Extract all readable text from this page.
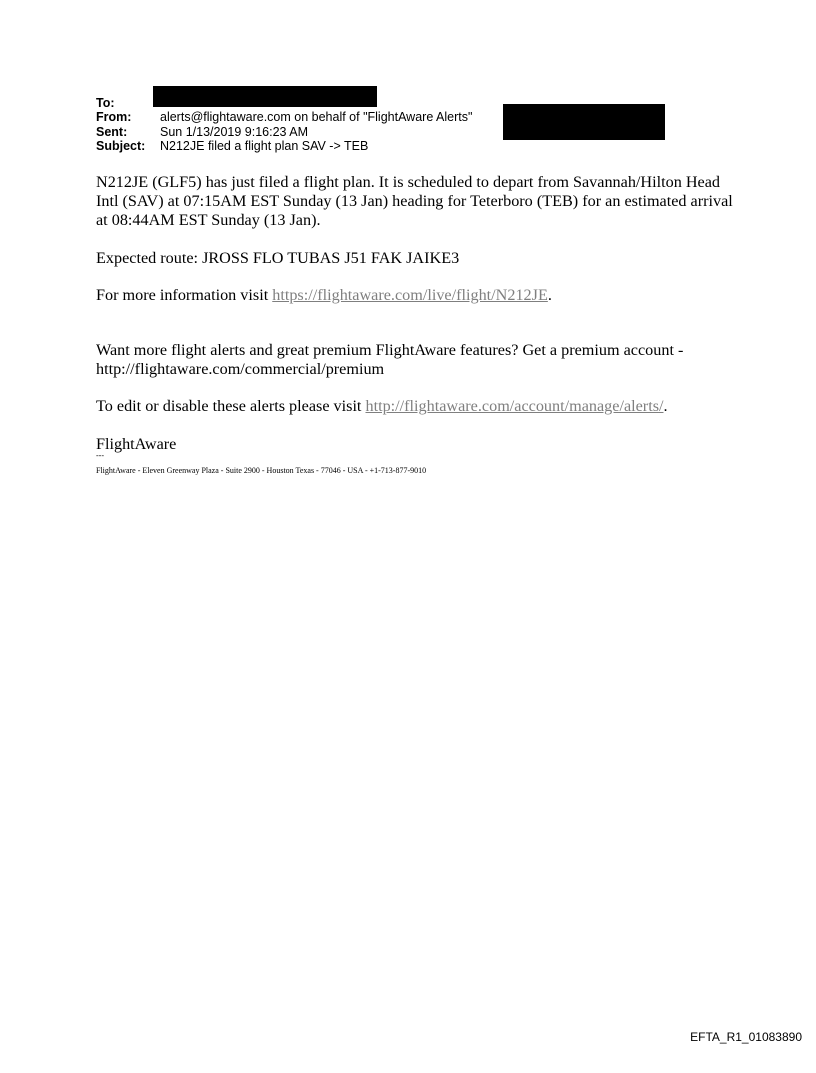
To:
From:	alerts@flightaware.com on behalf of "FlightAware Alerts"
Sent:	Sun 1/13/2019 9:16:23 AM
Subject:	N212JE filed a flight plan SAV -> TEB

N212JE (GLF5) has just filed a flight plan. It is scheduled to depart from Savannah/Hilton Head Intl (SAV) at 07:15AM EST Sunday (13 Jan) heading for Teterboro (TEB) for an estimated arrival at 08:44AM EST Sunday (13 Jan).

Expected route: JROSS FLO TUBAS J51 FAK JAIKE3

For more information visit https://flightaware.com/live/flight/N212JE.

Want more flight alerts and great premium FlightAware features? Get a premium account - http://flightaware.com/commercial/premium

To edit or disable these alerts please visit http://flightaware.com/account/manage/alerts/.

FlightAware

---
FlightAware - Eleven Greenway Plaza - Suite 2900 - Houston Texas - 77046 - USA - +1-713-877-9010
EFTA_R1_01083890
